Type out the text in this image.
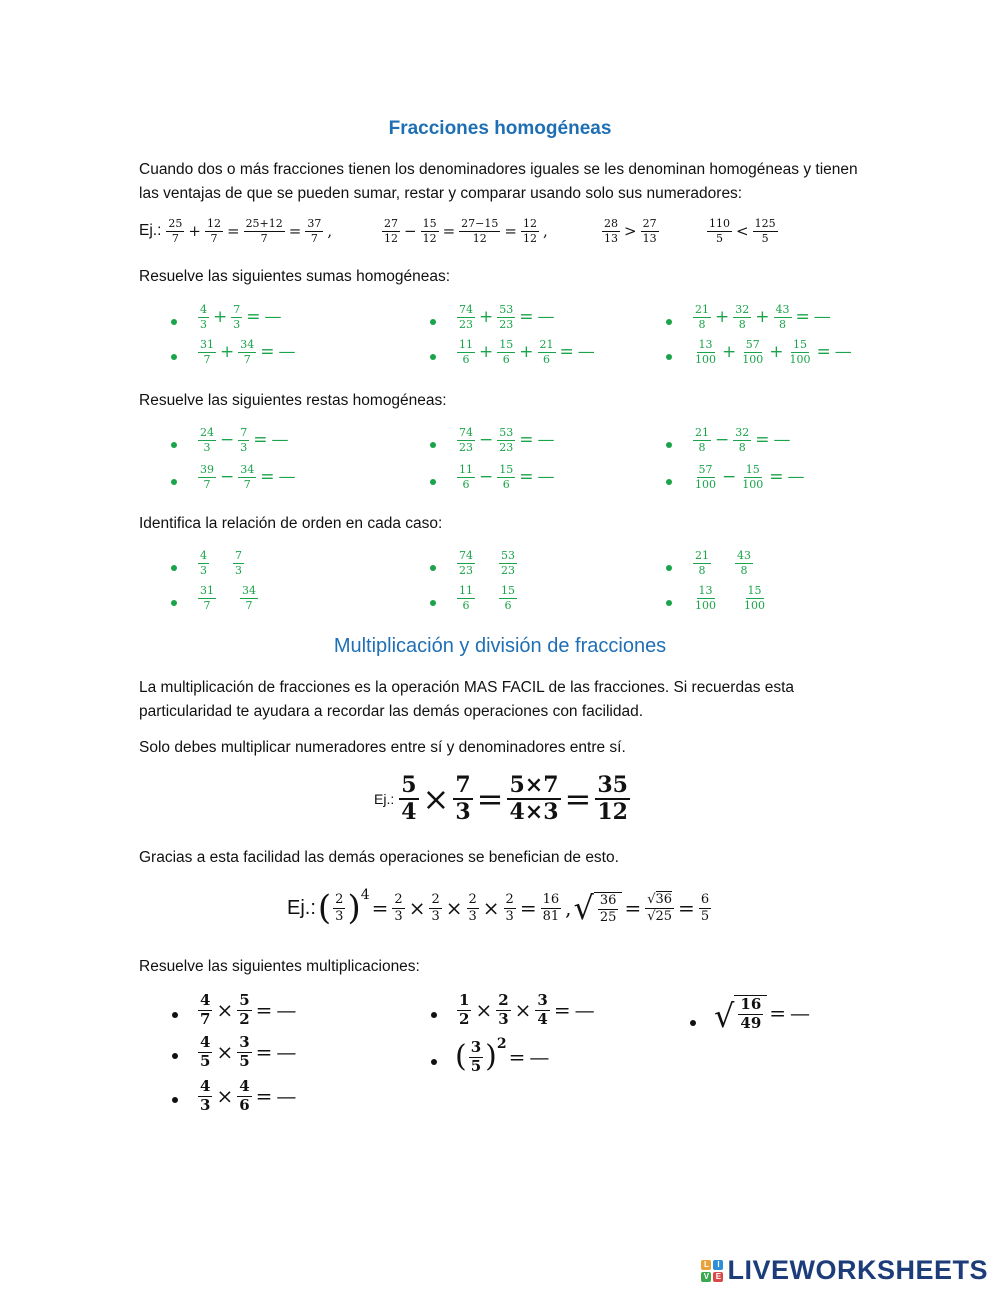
Fracciones homogéneas
Cuando dos o más fracciones tienen los denominadores iguales se les denominan homogéneas y tienen las ventajas de que se pueden sumar, restar y comparar usando solo sus numeradores:
Ej.: $\frac{25}{7} + \frac{12}{7} = \frac{25+12}{7} = \frac{37}{7}$ ,	$\frac{27}{12} - \frac{15}{12} = \frac{27-15}{12} = \frac{12}{12}$ ,	$\frac{28}{13} > \frac{27}{13}$	$\frac{110}{5} < \frac{125}{5}$
Resuelve las siguientes sumas homogéneas:
$\frac{4}{3} + \frac{7}{3}$ = —
$\frac{31}{7} + \frac{34}{7}$ = —
$\frac{74}{23} + \frac{53}{23}$ = —
$\frac{11}{6} + \frac{15}{6} + \frac{21}{6}$ = —
$\frac{21}{8} + \frac{32}{8} + \frac{43}{8}$ = —
$\frac{13}{100} + \frac{57}{100} + \frac{15}{100}$ = —
Resuelve las siguientes restas homogéneas:
$\frac{24}{3} - \frac{7}{3}$ = —
$\frac{39}{7} - \frac{34}{7}$ = —
$\frac{74}{23} - \frac{53}{23}$ = —
$\frac{11}{6} - \frac{15}{6}$ = —
$\frac{21}{8} - \frac{32}{8}$ = —
$\frac{57}{100} - \frac{15}{100}$ = —
Identifica la relación de orden en cada caso:
$\frac{4}{3} \frac{7}{3}$
$\frac{31}{7} \frac{34}{7}$
$\frac{74}{23} \frac{53}{23}$
$\frac{11}{6} \frac{15}{6}$
$\frac{21}{8} \frac{43}{8}$
$\frac{13}{100} \frac{15}{100}$
Multiplicación y división de fracciones
La multiplicación de fracciones es la operación MAS FACIL de las fracciones. Si recuerdas esta particularidad te ayudara a recordar las demás operaciones con facilidad.
Solo debes multiplicar numeradores entre sí y denominadores entre sí.
Ej.: $\frac{5}{4} \times \frac{7}{3} = \frac{5\times 7}{4\times 3} = \frac{35}{12}$
Gracias a esta facilidad las demás operaciones se benefician de esto.
Ej.: ( $\frac{2}{3}$ ) 4
= $\frac{2}{3} \times \frac{2}{3} \times \frac{2}{3} \times \frac{2}{3} = \frac{16}{81}$ , √ $\frac{36}{25} = \frac{√36}{√25} = \frac{6}{5}$
Resuelve las siguientes multiplicaciones:
$\frac{4}{7} \times \frac{5}{2}$ = —
$\frac{4}{5} \times \frac{3}{5}$ = —
$\frac{4}{3} \times \frac{4}{6}$ = —
$\frac{1}{2} \times \frac{2}{3} \times \frac{3}{4}$ = —
( $\frac{3}{5}$ ) 2
= —
√ $\frac{16}{49}$ = —
L	I
V E LIVEWORKSHEETS
